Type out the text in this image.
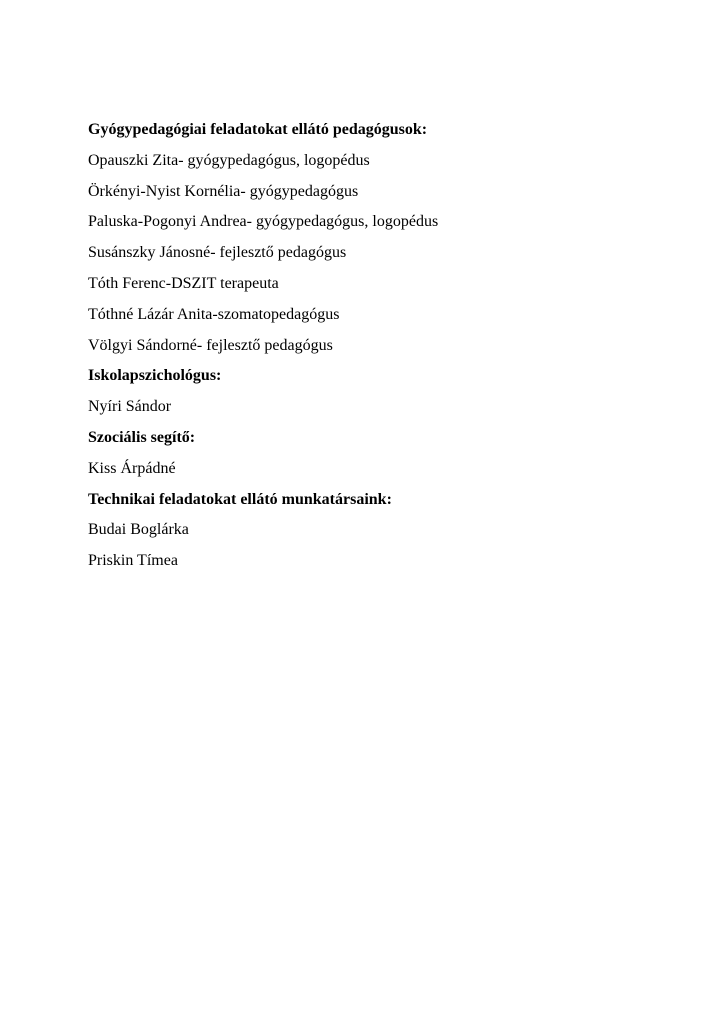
Gyógypedagógiai feladatokat ellátó pedagógusok:
Opauszki Zita- gyógypedagógus, logopédus
Örkényi-Nyist Kornélia- gyógypedagógus
Paluska-Pogonyi Andrea- gyógypedagógus, logopédus
Susánszky Jánosné- fejlesztő pedagógus
Tóth Ferenc-DSZIT terapeuta
Tóthné Lázár Anita-szomatopedagógus
Völgyi Sándorné- fejlesztő pedagógus
Iskolapszichológus:
Nyíri Sándor
Szociális segítő:
Kiss Árpádné
Technikai feladatokat ellátó munkatársaink:
Budai Boglárka
Priskin Tímea
